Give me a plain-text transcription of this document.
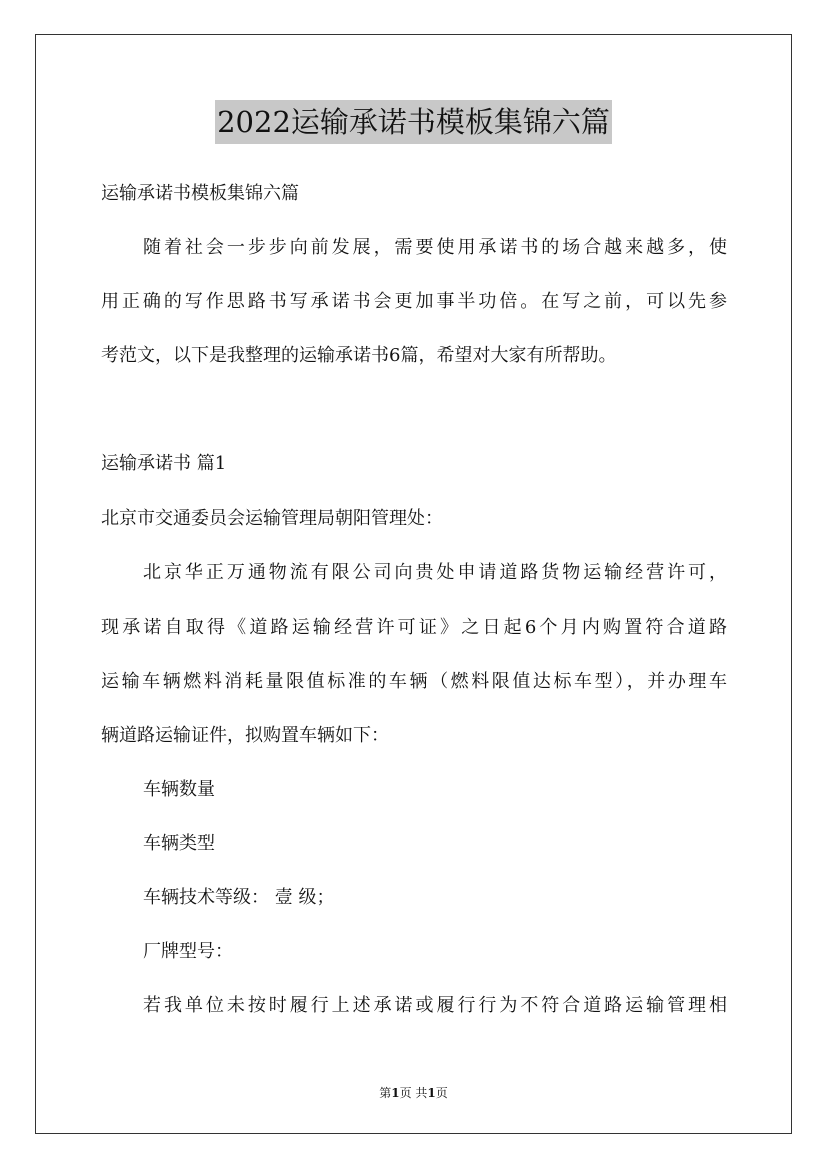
2022运输承诺书模板集锦六篇
运输承诺书模板集锦六篇
随着社会一步步向前发展，需要使用承诺书的场合越来越多，使
用正确的写作思路书写承诺书会更加事半功倍。在写之前，可以先参
考范文，以下是我整理的运输承诺书6篇，希望对大家有所帮助。
运输承诺书 篇1
北京市交通委员会运输管理局朝阳管理处：
北京华正万通物流有限公司向贵处申请道路货物运输经营许可，
现承诺自取得《道路运输经营许可证》之日起6个月内购置符合道路
运输车辆燃料消耗量限值标准的车辆（燃料限值达标车型），并办理车
辆道路运输证件，拟购置车辆如下：
车辆数量
车辆类型
车辆技术等级： 壹 级；
厂牌型号：
若我单位未按时履行上述承诺或履行行为不符合道路运输管理相
第1页 共1页
